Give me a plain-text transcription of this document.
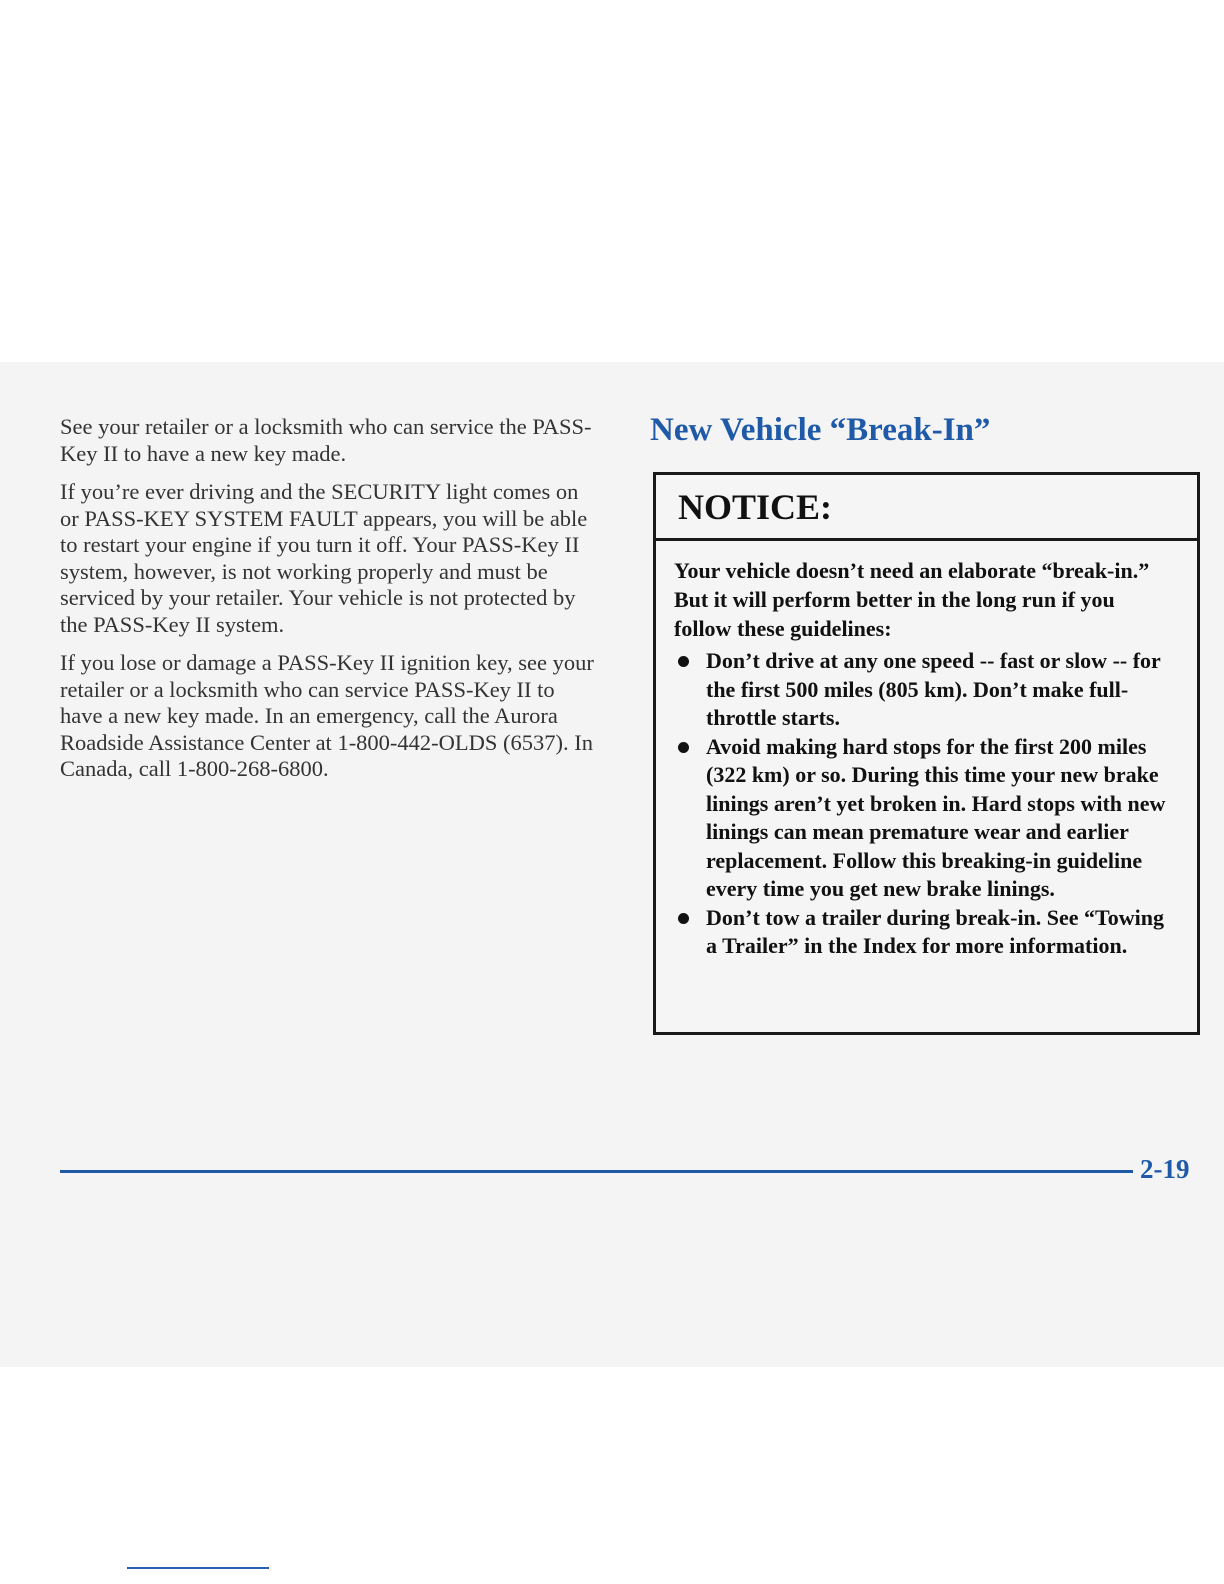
See your retailer or a locksmith who can service the PASS-Key II to have a new key made.

If you’re ever driving and the SECURITY light comes on or PASS-KEY SYSTEM FAULT appears, you will be able to restart your engine if you turn it off. Your PASS-Key II system, however, is not working properly and must be serviced by your retailer. Your vehicle is not protected by the PASS-Key II system.

If you lose or damage a PASS-Key II ignition key, see your retailer or a locksmith who can service PASS-Key II to have a new key made. In an emergency, call the Aurora Roadside Assistance Center at 1-800-442-OLDS (6537). In Canada, call 1-800-268-6800.

New Vehicle “Break-In”
NOTICE:

Your vehicle doesn’t need an elaborate “break-in.” But it will perform better in the long run if you follow these guidelines:

Don’t drive at any one speed -- fast or slow -- for the first 500 miles (805 km). Don’t make full-throttle starts.
Avoid making hard stops for the first 200 miles (322 km) or so. During this time your new brake linings aren’t yet broken in. Hard stops with new linings can mean premature wear and earlier replacement. Follow this breaking-in guideline every time you get new brake linings.
Don’t tow a trailer during break-in. See “Towing a Trailer” in the Index for more information.
2-19
